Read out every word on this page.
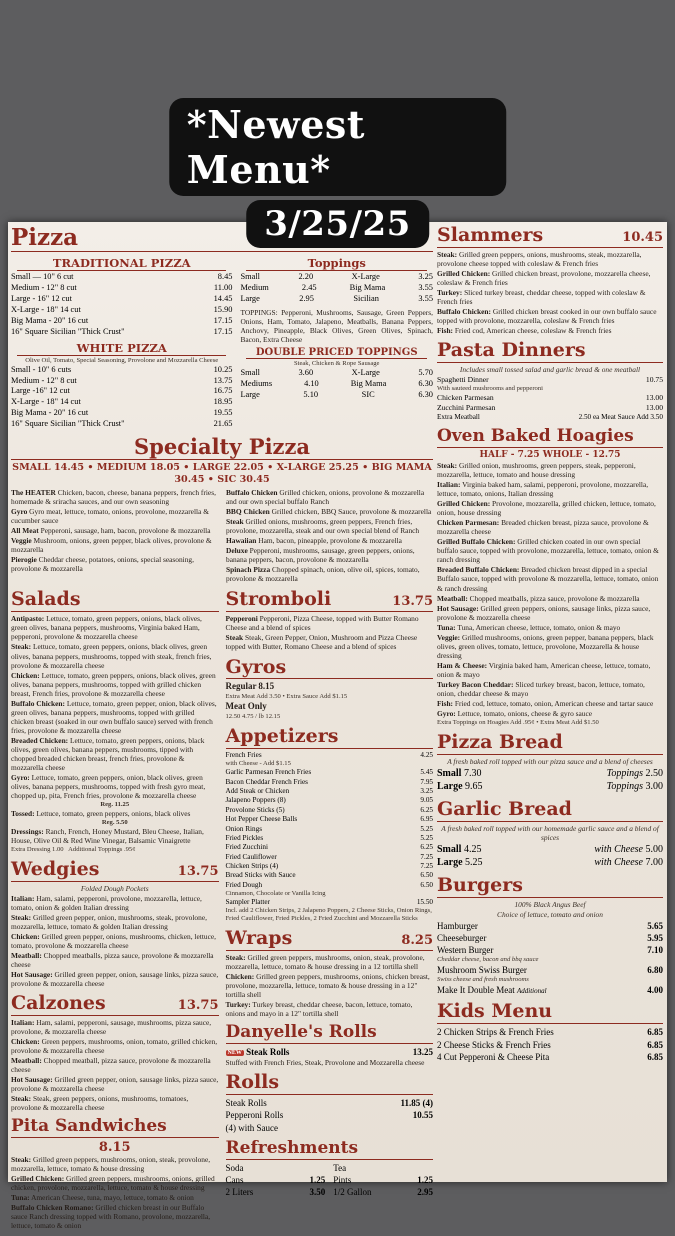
*Newest Menu*
3/25/25
Pizza
TRADITIONAL PIZZA
Small — 10" 6 cut	8.45
Medium - 12" 8 cut	11.00
Large - 16" 12 cut	14.45
X-Large - 18" 14 cut	15.90
Big Mama - 20" 16 cut	17.15
16" Square Sicilian "Thick Crust"	17.15
WHITE PIZZA
Olive Oil, Tomato, Special Seasoning, Provolone and Mozzarella Cheese
Small - 10" 6 cuts	10.25
Medium - 12" 8 cut	13.75
Large -16" 12 cut	16.75
X-Large - 18" 14 cut	18.95
Big Mama - 20" 16 cut	19.55
16" Square Sicilian "Thick Crust"	21.65
Toppings
Small	2.20	X-Large	3.25
Medium	2.45	Big Mama	3.55
Large	2.95	Sicilian	3.55
TOPPINGS: Pepperoni, Mushrooms, Sausage, Green Peppers, Onions, Ham, Tomato, Jalapeno, Meatballs, Banana Peppers, Anchovy, Pineapple, Black Olives, Green Olives, Spinach, Bacon, Extra Cheese
DOUBLE PRICED TOPPINGS
Steak, Chicken & Rope Sausage
Small	3.60	X-Large	5.70
Mediums	4.10	Big Mama	6.30
Large	5.10	SIC	6.30
Specialty Pizza
SMALL 14.45 • MEDIUM 18.05 • LARGE 22.05 • X-LARGE 25.25 • BIG MAMA 30.45 • SIC 30.45
The HEATER Chicken, bacon, cheese, banana peppers, french fries, homemade & sriracha sauces, and our own seasoning
Gyro Gyro meat, lettuce, tomato, onions, provolone, mozzarella & cucumber sauce
All Meat Pepperoni, sausage, ham, bacon, provolone & mozzarella
Veggie Mushroom, onions, green pepper, black olives, provolone & mozzarella
Pierogie Cheddar cheese, potatoes, onions, special seasoning, provolone & mozzarella
Buffalo Chicken Grilled chicken, onions, provolone & mozzarella and our own special buffalo Ranch
BBQ Chicken Grilled chicken, BBQ Sauce, provolone & mozzarella
Steak Grilled onions, mushrooms, green peppers, French fries, provolone, mozzarella, steak and our own special blend of Ranch
Hawaiian Ham, bacon, pineapple, provolone & mozzarella
Deluxe Pepperoni, mushrooms, sausage, green peppers, onions, banana peppers, bacon, provolone & mozzarella
Spinach Pizza Chopped spinach, onion, olive oil, spices, tomato, provolone & mozzarella
Salads
Antipasto: Lettuce, tomato, green peppers, onions, black olives, green olives, banana peppers, mushrooms, Virginia baked Ham, pepperoni, provolone & mozzarella cheese
Steak: Lettuce, tomato, green peppers, onions, black olives, green olives, banana peppers, mushrooms, topped with steak, french fries, provolone & mozzarella cheese
Chicken: Lettuce, tomato, green peppers, onions, black olives, green olives, banana peppers, mushrooms, topped with grilled chicken breast, French fries, provolone & mozzarella cheese
Buffalo Chicken: Lettuce, tomato, green pepper, onion, black olives, green olives, banana peppers, mushrooms, topped with grilled chicken breast (soaked in our own buffalo sauce) served with french fries, provolone & mozzarella cheese
Breaded Chicken: Lettuce, tomato, green peppers, onions, black olives, green olives, banana peppers, mushrooms, tipped with chopped breaded chicken breast, french fries, provolone & mozzarella cheese
Gyro: Lettuce, tomato, green peppers, onion, black olives, green olives, banana peppers, mushrooms, topped with fresh gyro meat, chopped up, pita, French fries, provolone & mozzarella cheese
Reg. 11.25
Tossed: Lettuce, tomato, green peppers, onions, black olives
Reg. 5.50
Dressings: Ranch, French, Honey Mustard, Bleu Cheese, Italian, House, Olive Oil & Red Wine Vinegar, Balsamic Vinaigrette
Extra Dressing 1.00 Additional Toppings .95¢
Wedgies	13.75
Folded Dough Pockets
Italian: Ham, salami, pepperoni, provolone, mozzarella, lettuce, tomato, onion & golden Italian dressing
Steak: Grilled green pepper, onion, mushrooms, steak, provolone, mozzarella, lettuce, tomato & golden Italian dressing
Chicken: Grilled green pepper, onions, mushrooms, chicken, lettuce, tomato, provolone & mozzarella cheese
Meatball: Chopped meatballs, pizza sauce, provolone & mozzarella cheese
Hot Sausage: Grilled green pepper, onion, sausage links, pizza sauce, provolone & mozzarella cheese
Calzones	13.75
Italian: Ham, salami, pepperoni, sausage, mushrooms, pizza sauce, provolone, & mozzarella cheese
Chicken: Green peppers, mushrooms, onion, tomato, grilled chicken, provolone & mozzarella cheese
Meatball: Chopped meatball, pizza sauce, provolone & mozzarella cheese
Hot Sausage: Grilled green pepper, onion, sausage links, pizza sauce, provolone & mozzarella cheese
Steak: Steak, green peppers, onions, mushrooms, tomatoes, provolone & mozzarella cheese
Pita Sandwiches
8.15
Steak: Grilled green peppers, mushrooms, onion, steak, provolone, mozzarella, lettuce, tomato & house dressing
Grilled Chicken: Grilled green peppers, mushrooms, onions, grilled chicken, provolone, mozzarella, lettuce, tomato & house dressing
Tuna: American Cheese, tuna, mayo, lettuce, tomato & onion
Buffalo Chicken Romano: Grilled chicken breast in our Buffalo sauce Ranch dressing topped with Romano, provolone, mozzarella, lettuce, tomato & onion
Stromboli	13.75
Pepperoni Pepperoni, Pizza Cheese, topped with Butter Romano Cheese and a blend of spices
Steak Steak, Green Pepper, Onion, Mushroom and Pizza Cheese topped with Butter, Romano Cheese and a blend of spices
Gyros
Regular 8.15
Extra Meat Add 3.50 • Extra Sauce Add $1.15
Meat Only
12.50 4.75 / lb 12.15
Appetizers
French Fries	4.25
with Cheese - Add $1.15
Garlic Parmesan French Fries	5.45
Bacon Cheddar French Fries	7.95
Add Steak or Chicken	3.25
Jalapeno Poppers (8)	9.05
Provolone Sticks (5)	6.25
Hot Pepper Cheese Balls	6.95
Onion Rings	5.25
Fried Pickles	5.25
Fried Zucchini	6.25
Fried Cauliflower	7.25
Chicken Strips (4)	7.25
Bread Sticks with Sauce	6.50
Fried Dough	6.50
Cinnamon, Chocolate or Vanilla Icing
Sampler Platter	15.50
Incl. add 2 Chicken Strips, 2 Jalapeno Poppers, 2 Cheese Sticks, Onion Rings, Fried Cauliflower, Fried Pickles, 2 Fried Zucchini and Mozzarella Sticks
Wraps	8.25
Steak: Grilled green peppers, mushrooms, onion, steak, provolone, mozzarella, lettuce, tomato & house dressing in a 12 tortilla shell
Chicken: Grilled green peppers, mushrooms, onions, chicken breast, provolone, mozzarella, lettuce, tomato & house dressing in a 12" tortilla shell
Turkey: Turkey breast, cheddar cheese, bacon, lettuce, tomato, onions and mayo in a 12" tortilla shell
Danyelle's Rolls
NEW Steak Rolls	13.25
Stuffed with French Fries, Steak, Provolone and Mozzarella cheese
Rolls
Steak Rolls	11.85 (4)
Pepperoni Rolls	10.55
(4) with Sauce
Refreshments
Soda
Cans	1.25
2 Liters	3.50
Tea
Pints	1.25
1/2 Gallon	2.95
Slammers	10.45
Steak: Grilled green peppers, onions, mushrooms, steak, mozzarella, provolone cheese topped with coleslaw & French fries
Grilled Chicken: Grilled chicken breast, provolone, mozzarella cheese, coleslaw & French fries
Turkey: Sliced turkey breast, cheddar cheese, topped with coleslaw & French fries
Buffalo Chicken: Grilled chicken breast cooked in our own buffalo sauce topped with provolone, mozzarella, coleslaw & French fries
Fish: Fried cod, American cheese, coleslaw & French fries
Pasta Dinners
Includes small tossed salad and garlic bread & one meatball
Spaghetti Dinner	10.75
With sauteed mushrooms and pepperoni
Chicken Parmesan	13.00
Zucchini Parmesan	13.00
Extra Meatball	2.50 ea Meat Sauce Add 3.50
Oven Baked Hoagies
HALF - 7.25 WHOLE - 12.75
Steak: Grilled onion, mushrooms, green peppers, steak, pepperoni, mozzarella, lettuce, tomato and house dressing
Italian: Virginia baked ham, salami, pepperoni, provolone, mozzarella, lettuce, tomato, onions, Italian dressing
Grilled Chicken: Provolone, mozzarella, grilled chicken, lettuce, tomato, onion, house dressing
Chicken Parmesan: Breaded chicken breast, pizza sauce, provolone & mozzarella cheese
Grilled Buffalo Chicken: Grilled chicken coated in our own special buffalo sauce, topped with provolone, mozzarella, lettuce, tomato, onion & ranch dressing
Breaded Buffalo Chicken: Breaded chicken breast dipped in a special Buffalo sauce, topped with provolone & mozzarella, lettuce, tomato, onion & ranch dressing
Meatball: Chopped meatballs, pizza sauce, provolone & mozzarella
Hot Sausage: Grilled green peppers, onions, sausage links, pizza sauce, provolone & mozzarella cheese
Tuna: Tuna, American cheese, lettuce, tomato, onion & mayo
Veggie: Grilled mushrooms, onions, green pepper, banana peppers, black olives, green olives, tomato, lettuce, provolone, Mozzarella & house dressing
Ham & Cheese: Virginia baked ham, American cheese, lettuce, tomato, onion & mayo
Turkey Bacon Cheddar: Sliced turkey breast, bacon, lettuce, tomato, onion, cheddar cheese & mayo
Fish: Fried cod, lettuce, tomato, onion, American cheese and tartar sauce
Gyro: Lettuce, tomato, onions, cheese & gyro sauce
Extra Toppings on Hoagies Add .95¢ • Extra Meat Add $1.50
Pizza Bread
A fresh baked roll topped with our pizza sauce and a blend of cheeses
Small 7.30	Toppings 2.50
Large 9.65	Toppings 3.00
Garlic Bread
A fresh baked roll topped with our homemade garlic sauce and a blend of spices
Small 4.25	with Cheese 5.00
Large 5.25	with Cheese 7.00
Burgers
100% Black Angus Beef
Choice of lettuce, tomato and onion
Hamburger	5.65
Cheeseburger	5.95
Western Burger	7.10
Cheddar cheese, bacon and bbq sauce
Mushroom Swiss Burger	6.80
Swiss cheese and fresh mushrooms
Make It Double Meat Additional	4.00
Kids Menu
2 Chicken Strips & French Fries	6.85
2 Cheese Sticks & French Fries	6.85
4 Cut Pepperoni & Cheese Pita	6.85
